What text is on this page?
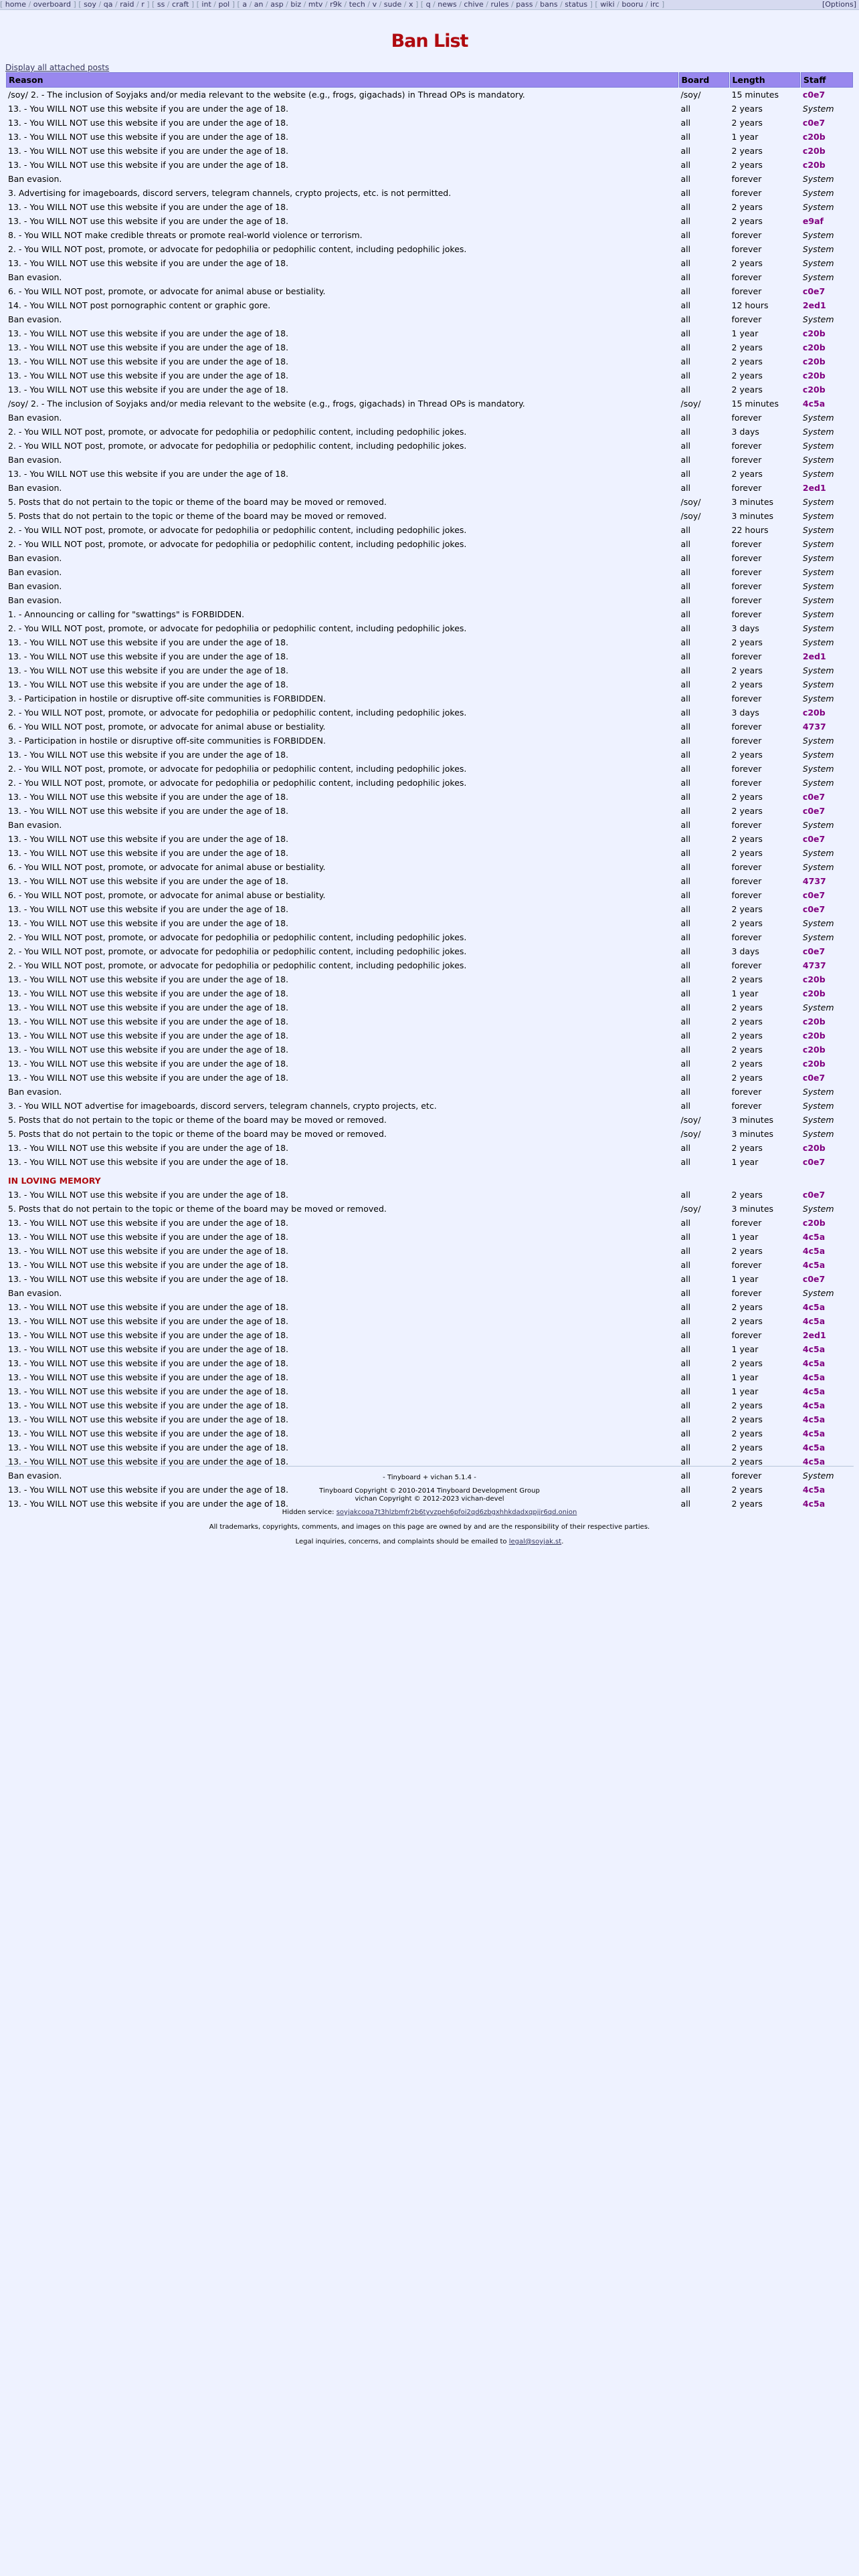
[ home / overboard ] [ soy / qa / raid / r ] [ ss / craft ] [ int / pol ] [ a / an / asp / biz / mtv / r9k / tech / v / sude / x ] [ q / news / chive / rules / pass / bans / status ] [ wiki / booru / irc ]	[Options]
Ban List
Display all attached posts
Reason	Board	Length	Staff
/soy/ 2. - The inclusion of Soyjaks and/or media relevant to the website (e.g., frogs, gigachads) in Thread OPs is mandatory.	/soy/	15 minutes	c0e7
13. - You WILL NOT use this website if you are under the age of 18.	all	2 years	System
13. - You WILL NOT use this website if you are under the age of 18.	all	2 years	c0e7
13. - You WILL NOT use this website if you are under the age of 18.	all	1 year	c20b
13. - You WILL NOT use this website if you are under the age of 18.	all	2 years	c20b
13. - You WILL NOT use this website if you are under the age of 18.	all	2 years	c20b
Ban evasion.	all	forever	System
3. Advertising for imageboards, discord servers, telegram channels, crypto projects, etc. is not permitted.	all	forever	System
13. - You WILL NOT use this website if you are under the age of 18.	all	2 years	System
13. - You WILL NOT use this website if you are under the age of 18.	all	2 years	e9af
8. - You WILL NOT make credible threats or promote real-world violence or terrorism.	all	forever	System
2. - You WILL NOT post, promote, or advocate for pedophilia or pedophilic content, including pedophilic jokes.	all	forever	System
13. - You WILL NOT use this website if you are under the age of 18.	all	2 years	System
Ban evasion.	all	forever	System
6. - You WILL NOT post, promote, or advocate for animal abuse or bestiality.	all	forever	c0e7
14. - You WILL NOT post pornographic content or graphic gore.	all	12 hours	2ed1
Ban evasion.	all	forever	System
13. - You WILL NOT use this website if you are under the age of 18.	all	1 year	c20b
13. - You WILL NOT use this website if you are under the age of 18.	all	2 years	c20b
13. - You WILL NOT use this website if you are under the age of 18.	all	2 years	c20b
13. - You WILL NOT use this website if you are under the age of 18.	all	2 years	c20b
13. - You WILL NOT use this website if you are under the age of 18.	all	2 years	c20b
/soy/ 2. - The inclusion of Soyjaks and/or media relevant to the website (e.g., frogs, gigachads) in Thread OPs is mandatory.	/soy/	15 minutes	4c5a
Ban evasion.	all	forever	System
2. - You WILL NOT post, promote, or advocate for pedophilia or pedophilic content, including pedophilic jokes.	all	3 days	System
2. - You WILL NOT post, promote, or advocate for pedophilia or pedophilic content, including pedophilic jokes.	all	forever	System
Ban evasion.	all	forever	System
13. - You WILL NOT use this website if you are under the age of 18.	all	2 years	System
Ban evasion.	all	forever	2ed1
5. Posts that do not pertain to the topic or theme of the board may be moved or removed.	/soy/	3 minutes	System
5. Posts that do not pertain to the topic or theme of the board may be moved or removed.	/soy/	3 minutes	System
2. - You WILL NOT post, promote, or advocate for pedophilia or pedophilic content, including pedophilic jokes.	all	22 hours	System
2. - You WILL NOT post, promote, or advocate for pedophilia or pedophilic content, including pedophilic jokes.	all	forever	System
Ban evasion.	all	forever	System
Ban evasion.	all	forever	System
Ban evasion.	all	forever	System
Ban evasion.	all	forever	System
1. - Announcing or calling for "swattings" is FORBIDDEN.	all	forever	System
2. - You WILL NOT post, promote, or advocate for pedophilia or pedophilic content, including pedophilic jokes.	all	3 days	System
13. - You WILL NOT use this website if you are under the age of 18.	all	2 years	System
13. - You WILL NOT use this website if you are under the age of 18.	all	forever	2ed1
13. - You WILL NOT use this website if you are under the age of 18.	all	2 years	System
13. - You WILL NOT use this website if you are under the age of 18.	all	2 years	System
3. - Participation in hostile or disruptive off-site communities is FORBIDDEN.	all	forever	System
2. - You WILL NOT post, promote, or advocate for pedophilia or pedophilic content, including pedophilic jokes.	all	3 days	c20b
6. - You WILL NOT post, promote, or advocate for animal abuse or bestiality.	all	forever	4737
3. - Participation in hostile or disruptive off-site communities is FORBIDDEN.	all	forever	System
13. - You WILL NOT use this website if you are under the age of 18.	all	2 years	System
2. - You WILL NOT post, promote, or advocate for pedophilia or pedophilic content, including pedophilic jokes.	all	forever	System
2. - You WILL NOT post, promote, or advocate for pedophilia or pedophilic content, including pedophilic jokes.	all	forever	System
13. - You WILL NOT use this website if you are under the age of 18.	all	2 years	c0e7
13. - You WILL NOT use this website if you are under the age of 18.	all	2 years	c0e7
Ban evasion.	all	forever	System
13. - You WILL NOT use this website if you are under the age of 18.	all	2 years	c0e7
13. - You WILL NOT use this website if you are under the age of 18.	all	2 years	System
6. - You WILL NOT post, promote, or advocate for animal abuse or bestiality.	all	forever	System
13. - You WILL NOT use this website if you are under the age of 18.	all	forever	4737
6. - You WILL NOT post, promote, or advocate for animal abuse or bestiality.	all	forever	c0e7
13. - You WILL NOT use this website if you are under the age of 18.	all	2 years	c0e7
13. - You WILL NOT use this website if you are under the age of 18.	all	2 years	System
2. - You WILL NOT post, promote, or advocate for pedophilia or pedophilic content, including pedophilic jokes.	all	forever	System
2. - You WILL NOT post, promote, or advocate for pedophilia or pedophilic content, including pedophilic jokes.	all	3 days	c0e7
2. - You WILL NOT post, promote, or advocate for pedophilia or pedophilic content, including pedophilic jokes.	all	forever	4737
13. - You WILL NOT use this website if you are under the age of 18.	all	2 years	c20b
13. - You WILL NOT use this website if you are under the age of 18.	all	1 year	c20b
13. - You WILL NOT use this website if you are under the age of 18.	all	2 years	System
13. - You WILL NOT use this website if you are under the age of 18.	all	2 years	c20b
13. - You WILL NOT use this website if you are under the age of 18.	all	2 years	c20b
13. - You WILL NOT use this website if you are under the age of 18.	all	2 years	c20b
13. - You WILL NOT use this website if you are under the age of 18.	all	2 years	c20b
13. - You WILL NOT use this website if you are under the age of 18.	all	2 years	c0e7
Ban evasion.	all	forever	System
3. - You WILL NOT advertise for imageboards, discord servers, telegram channels, crypto projects, etc.	all	forever	System
5. Posts that do not pertain to the topic or theme of the board may be moved or removed.	/soy/	3 minutes	System
5. Posts that do not pertain to the topic or theme of the board may be moved or removed.	/soy/	3 minutes	System
13. - You WILL NOT use this website if you are under the age of 18.	all	2 years	c20b
13. - You WILL NOT use this website if you are under the age of 18.	all	1 year	c0e7
IN LOVING MEMORY			
13. - You WILL NOT use this website if you are under the age of 18.	all	2 years	c0e7
5. Posts that do not pertain to the topic or theme of the board may be moved or removed.	/soy/	3 minutes	System
13. - You WILL NOT use this website if you are under the age of 18.	all	forever	c20b
13. - You WILL NOT use this website if you are under the age of 18.	all	1 year	4c5a
13. - You WILL NOT use this website if you are under the age of 18.	all	2 years	4c5a
13. - You WILL NOT use this website if you are under the age of 18.	all	forever	4c5a
13. - You WILL NOT use this website if you are under the age of 18.	all	1 year	c0e7
Ban evasion.	all	forever	System
13. - You WILL NOT use this website if you are under the age of 18.	all	2 years	4c5a
13. - You WILL NOT use this website if you are under the age of 18.	all	2 years	4c5a
13. - You WILL NOT use this website if you are under the age of 18.	all	forever	2ed1
13. - You WILL NOT use this website if you are under the age of 18.	all	1 year	4c5a
13. - You WILL NOT use this website if you are under the age of 18.	all	2 years	4c5a
13. - You WILL NOT use this website if you are under the age of 18.	all	1 year	4c5a
13. - You WILL NOT use this website if you are under the age of 18.	all	1 year	4c5a
13. - You WILL NOT use this website if you are under the age of 18.	all	2 years	4c5a
13. - You WILL NOT use this website if you are under the age of 18.	all	2 years	4c5a
13. - You WILL NOT use this website if you are under the age of 18.	all	2 years	4c5a
13. - You WILL NOT use this website if you are under the age of 18.	all	2 years	4c5a
13. - You WILL NOT use this website if you are under the age of 18.	all	2 years	4c5a
Ban evasion.	all	forever	System
13. - You WILL NOT use this website if you are under the age of 18.	all	2 years	4c5a
13. - You WILL NOT use this website if you are under the age of 18.	all	2 years	4c5a
- Tinyboard + vichan 5.1.4 -
Tinyboard Copyright © 2010-2014 Tinyboard Development Group
vichan Copyright © 2012-2023 vichan-devel

Hidden service: soyjakcoqa7t3hlzbmfr2b6tyvzpeh6pfoi2qd6zbgxhhkdadxqpjjr6qd.onion

All trademarks, copyrights, comments, and images on this page are owned by and are the responsibility of their respective parties.

Legal inquiries, concerns, and complaints should be emailed to legal@soyjak.st.
